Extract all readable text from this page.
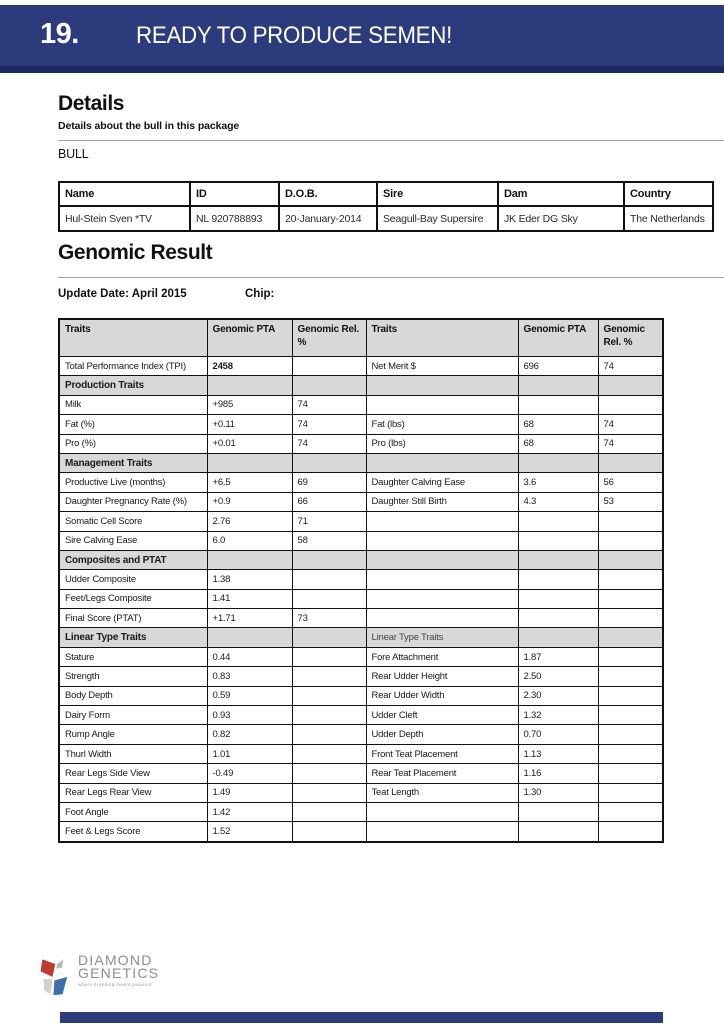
19. READY TO PRODUCE SEMEN!
Details
Details about the bull in this package
BULL
Name	ID	D.O.B.	Sire	Dam	Country
Hul-Stein Sven *TV	NL 920788893	20-January-2014	Seagull-Bay Supersire	JK Eder DG Sky	The Netherlands
Genomic Result
Update Date: April 2015	Chip:
Traits	Genomic PTA	Genomic Rel. %	Traits	Genomic PTA	Genomic Rel. %
Total Performance Index (TPI)	2458		Net Merit $	696	74
Production Traits					
Milk	+985	74			
Fat (%)	+0.11	74	Fat (lbs)	68	74
Pro (%)	+0.01	74	Pro (lbs)	68	74
Management Traits					
Productive Live (months)	+6.5	69	Daughter Calving Ease	3.6	56
Daughter Pregnancy Rate (%)	+0.9	66	Daughter Still Birth	4.3	53
Somatic Cell Score	2.76	71			
Sire Calving Ease	6.0	58			
Composites and PTAT					
Udder Composite	1.38				
Feet/Legs Composite	1.41				
Final Score (PTAT)	+1.71	73			
Linear Type Traits			Linear Type Traits		
Stature	0.44		Fore Attachment	1.87	
Strength	0.83		Rear Udder Height	2.50	
Body Depth	0.59		Rear Udder Width	2.30	
Dairy Form	0.93		Udder Cleft	1.32	
Rump Angle	0.82		Udder Depth	0.70	
Thurl Width	1.01		Front Teat Placement	1.13	
Rear Legs Side View	-0.49		Rear Teat Placement	1.16	
Rear Legs Rear View	1.49		Teat Length	1.30	
Foot Angle	1.42				
Feet & Legs Score	1.52				
DIAMOND
GENETICS
where breeding meets passion!
